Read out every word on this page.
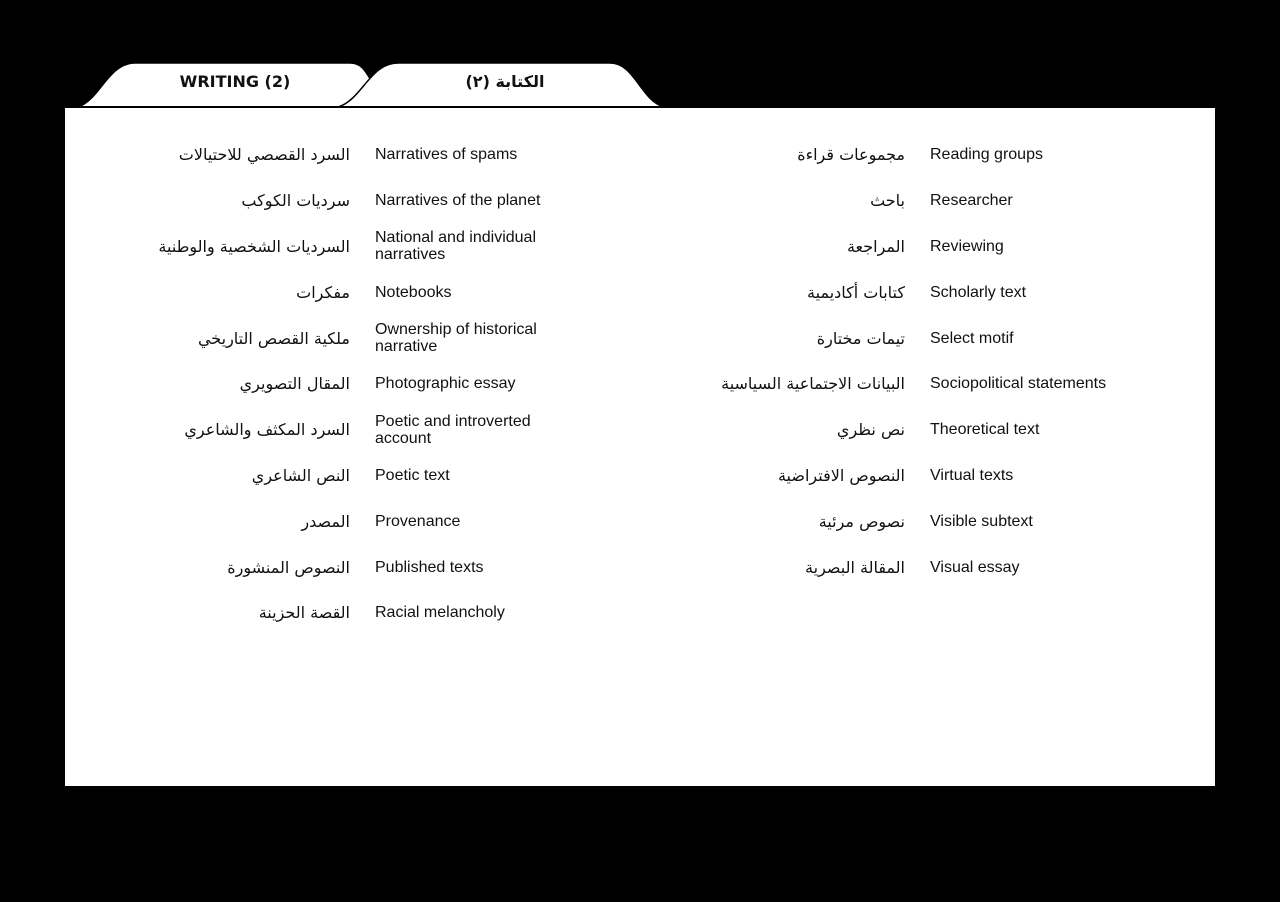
WRITING (2)	الكتابة (٢)
السرد القصصي للاحتيالات Narratives of spams
سرديات الكوكب Narratives of the planet
السرديات الشخصية والوطنية National and individual narratives
مفكرات Notebooks
ملكية القصص التاريخي Ownership of historical narrative
المقال التصويري Photographic essay
السرد المكثف والشاعري Poetic and introverted account
النص الشاعري Poetic text
المصدر Provenance
النصوص المنشورة Published texts
القصة الحزينة Racial melancholy
مجموعات قراءة Reading groups
باحث Researcher
المراجعة Reviewing
كتابات أكاديمية Scholarly text
تيمات مختارة Select motif
البيانات الاجتماعية السياسية Sociopolitical statements
نص نظري Theoretical text
النصوص الافتراضية Virtual texts
نصوص مرئية Visible subtext
المقالة البصرية Visual essay
